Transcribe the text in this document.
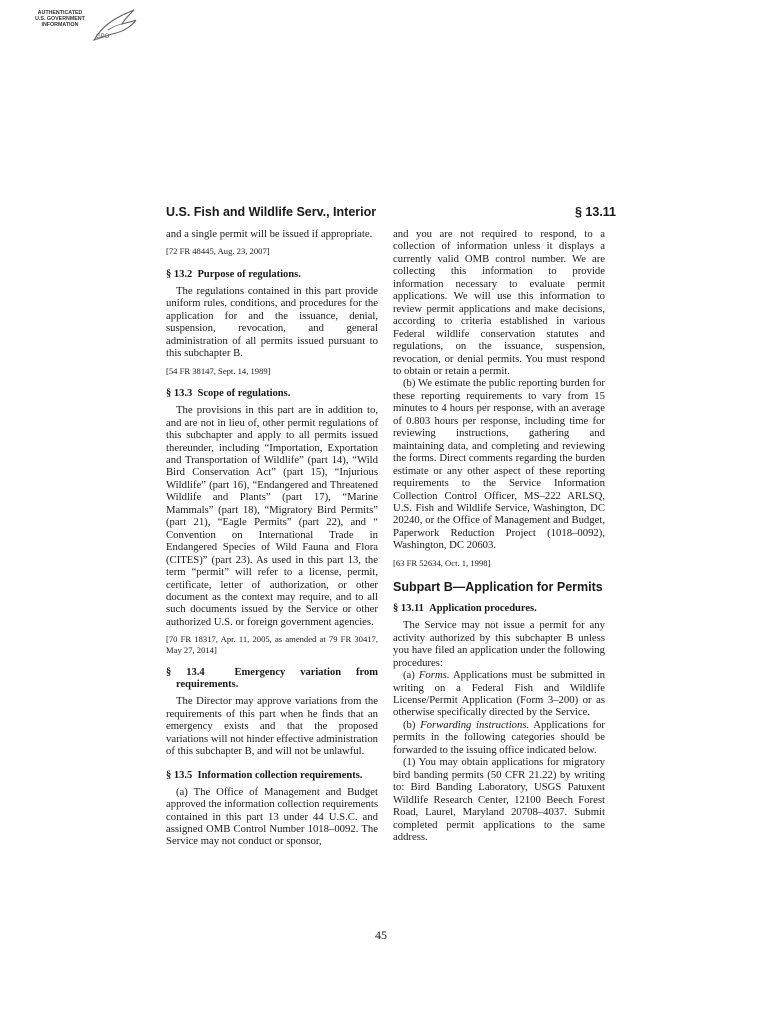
AUTHENTICATED
U.S. GOVERNMENT
INFORMATION
GPO
U.S. Fish and Wildlife Serv., Interior	§ 13.11

and a single permit will be issued if appropriate.

[72 FR 48445, Aug. 23, 2007]

§ 13.2 Purpose of regulations.

The regulations contained in this part provide uniform rules, conditions, and procedures for the application for and the issuance, denial, suspension, revocation, and general administration of all permits issued pursuant to this subchapter B.

[54 FR 38147, Sept. 14, 1989]

§ 13.3 Scope of regulations.

The provisions in this part are in addition to, and are not in lieu of, other permit regulations of this subchapter and apply to all permits issued thereunder, including “Importation, Exportation and Transportation of Wildlife” (part 14), “Wild Bird Conservation Act” (part 15), “Injurious Wildlife” (part 16), “Endangered and Threatened Wildlife and Plants” (part 17), “Marine Mammals” (part 18), “Migratory Bird Permits” (part 21), “Eagle Permits” (part 22), and “ Convention on International Trade in Endangered Species of Wild Fauna and Flora (CITES)” (part 23). As used in this part 13, the term “permit” will refer to a license, permit, certificate, letter of authorization, or other document as the context may require, and to all such documents issued by the Service or other authorized U.S. or foreign government agencies.

[70 FR 18317, Apr. 11, 2005, as amended at 79 FR 30417, May 27, 2014]

§ 13.4	Emergency variation from requirements.

The Director may approve variations from the requirements of this part when he finds that an emergency exists and that the proposed variations will not hinder effective administration of this subchapter B, and will not be unlawful.

§ 13.5 Information collection requirements.

(a) The Office of Management and Budget approved the information collection requirements contained in this part 13 under 44 U.S.C. and assigned OMB Control Number 1018–0092. The Service may not conduct or sponsor,

and you are not required to respond, to a collection of information unless it displays a currently valid OMB control number. We are collecting this information to provide information necessary to evaluate permit applications. We will use this information to review permit applications and make decisions, according to criteria established in various Federal wildlife conservation statutes and regulations, on the issuance, suspension, revocation, or denial permits. You must respond to obtain or retain a permit.

(b) We estimate the public reporting burden for these reporting requirements to vary from 15 minutes to 4 hours per response, with an average of 0.803 hours per response, including time for reviewing instructions, gathering and maintaining data, and completing and reviewing the forms. Direct comments regarding the burden estimate or any other aspect of these reporting requirements to the Service Information Collection Control Officer, MS–222 ARLSQ, U.S. Fish and Wildlife Service, Washington, DC 20240, or the Office of Management and Budget, Paperwork Reduction Project (1018–0092), Washington, DC 20603.

[63 FR 52634, Oct. 1, 1998]

Subpart B—Application for Permits
§ 13.11 Application procedures.

The Service may not issue a permit for any activity authorized by this subchapter B unless you have filed an application under the following procedures:

(a) Forms. Applications must be submitted in writing on a Federal Fish and Wildlife License/Permit Application (Form 3–200) or as otherwise specifically directed by the Service.

(b) Forwarding instructions. Applications for permits in the following categories should be forwarded to the issuing office indicated below.

(1) You may obtain applications for migratory bird banding permits (50 CFR 21.22) by writing to: Bird Banding Laboratory, USGS Patuxent Wildlife Research Center, 12100 Beech Forest Road, Laurel, Maryland 20708–4037. Submit completed permit applications to the same address.

45
